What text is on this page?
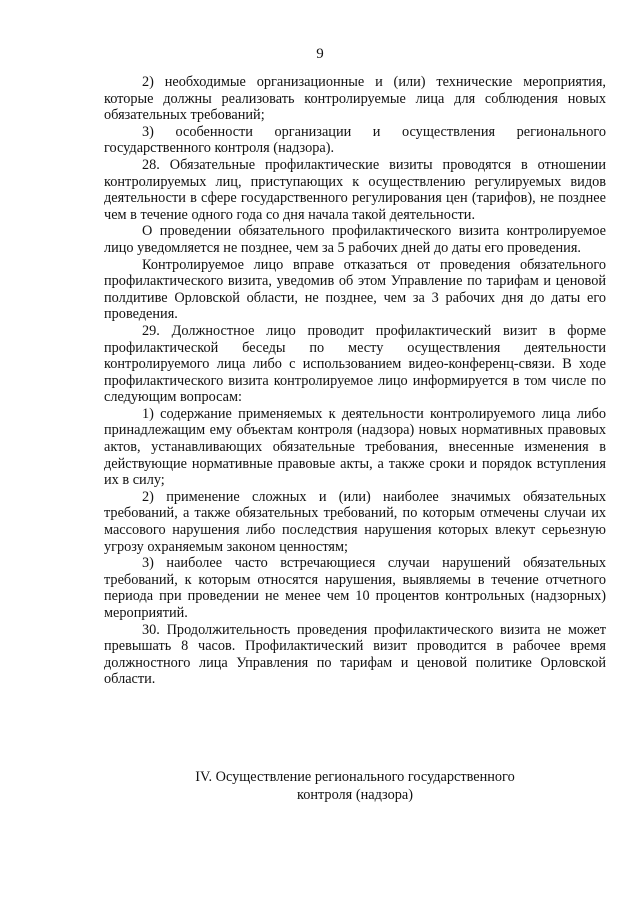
9

2) необходимые организационные и (или) технические мероприятия, которые должны реализовать контролируемые лица для соблюдения новых обязательных требований;

3) особенности организации и осуществления регионального государственного контроля (надзора).

28. Обязательные профилактические визиты проводятся в отношении контролируемых лиц, приступающих к осуществлению регулируемых видов деятельности в сфере государственного регулирования цен (тарифов), не позднее чем в течение одного года со дня начала такой деятельности.

О проведении обязательного профилактического визита контролируемое лицо уведомляется не позднее, чем за 5 рабочих дней до даты его проведения.

Контролируемое лицо вправе отказаться от проведения обязательного профилактического визита, уведомив об этом Управление по тарифам и ценовой полдитиве Орловской области, не позднее, чем за 3 рабочих дня до даты его проведения.

29. Должностное лицо проводит профилактический визит в форме профилактической беседы по месту осуществления деятельности контролируемого лица либо с использованием видео-конференц-связи. В ходе профилактического визита контролируемое лицо информируется в том числе по следующим вопросам:

1) содержание применяемых к деятельности контролируемого лица либо принадлежащим ему объектам контроля (надзора) новых нормативных правовых актов, устанавливающих обязательные требования, внесенные изменения в действующие нормативные правовые акты, а также сроки и порядок вступления их в силу;

2) применение сложных и (или) наиболее значимых обязательных требований, а также обязательных требований, по которым отмечены случаи их массового нарушения либо последствия нарушения которых влекут серьезную угрозу охраняемым законом ценностям;

3) наиболее часто встречающиеся случаи нарушений обязательных требований, к которым относятся нарушения, выявляемы в течение отчетного периода при проведении не менее чем 10 процентов контрольных (надзорных) мероприятий.

30. Продолжительность проведения профилактического визита не может превышать 8 часов. Профилактический визит проводится в рабочее время должностного лица Управления по тарифам и ценовой политике Орловской области.

IV. Осуществление регионального государственного
контроля (надзора)
